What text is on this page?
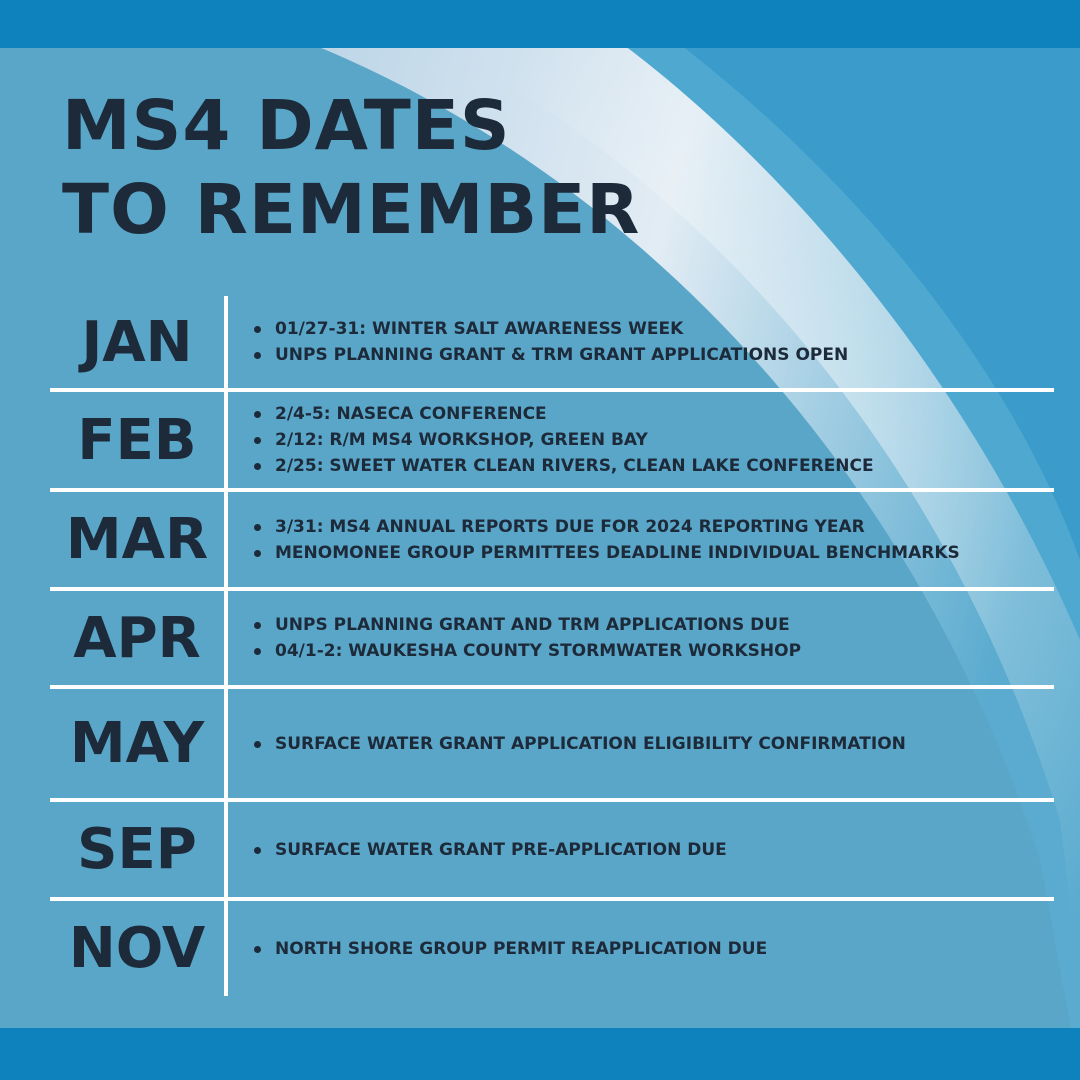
MS4 DATES
TO REMEMBER
JAN	01/27-31: WINTER SALT AWARENESS WEEK
UNPS PLANNING GRANT & TRM GRANT APPLICATIONS OPEN
FEB	2/4-5: NASECA CONFERENCE
2/12: R/M MS4 WORKSHOP, GREEN BAY
2/25: SWEET WATER CLEAN RIVERS, CLEAN LAKE CONFERENCE
MAR	3/31: MS4 ANNUAL REPORTS DUE FOR 2024 REPORTING YEAR
MENOMONEE GROUP PERMITTEES DEADLINE INDIVIDUAL BENCHMARKS
APR	UNPS PLANNING GRANT AND TRM APPLICATIONS DUE
04/1-2: WAUKESHA COUNTY STORMWATER WORKSHOP
MAY	SURFACE WATER GRANT APPLICATION ELIGIBILITY CONFIRMATION
SEP	SURFACE WATER GRANT PRE-APPLICATION DUE
NOV	NORTH SHORE GROUP PERMIT REAPPLICATION DUE
